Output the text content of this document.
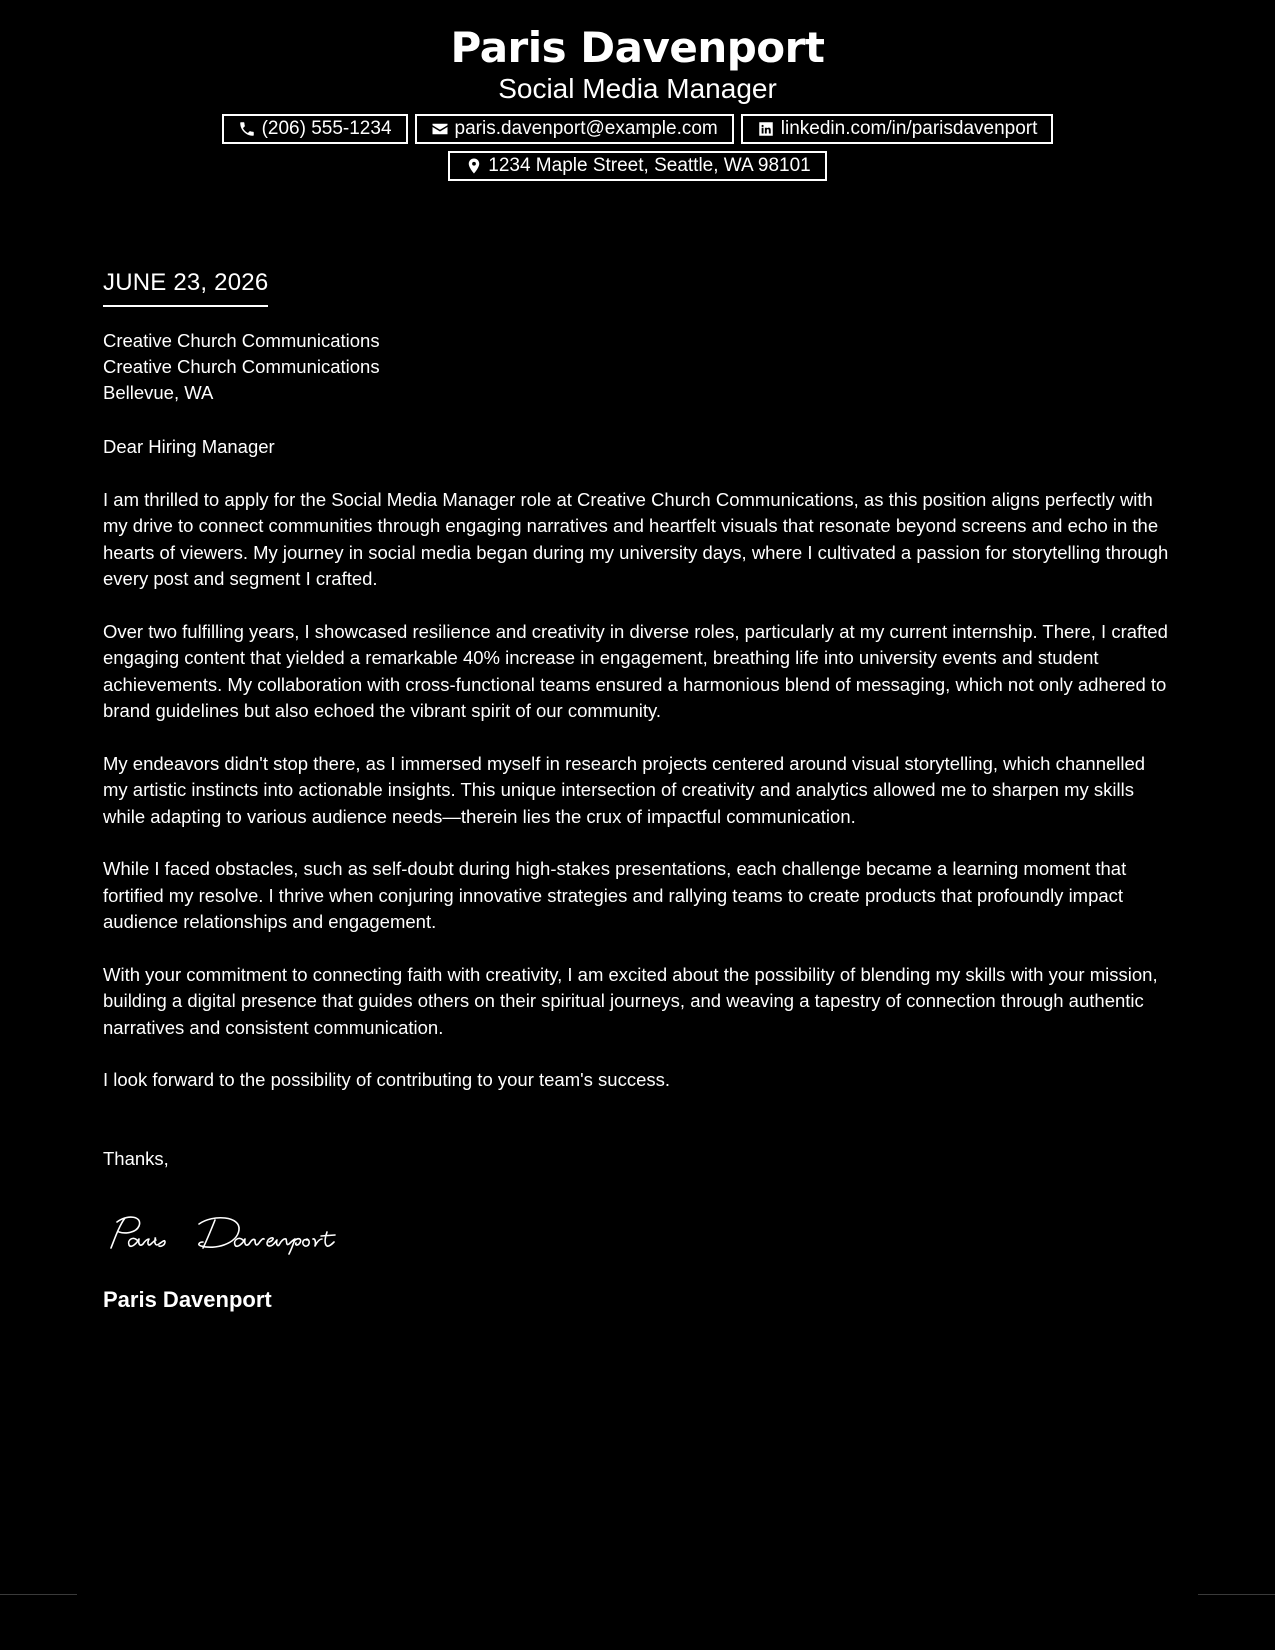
Paris Davenport
Social Media Manager
(206) 555-1234	paris.davenport@example.com	linkedin.com/in/parisdavenport
1234 Maple Street, Seattle, WA 98101
JUNE 23, 2026
Creative Church Communications
Creative Church Communications
Bellevue, WA

Dear Hiring Manager

I am thrilled to apply for the Social Media Manager role at Creative Church Communications, as this position aligns perfectly with my drive to connect communities through engaging narratives and heartfelt visuals that resonate beyond screens and echo in the hearts of viewers. My journey in social media began during my university days, where I cultivated a passion for storytelling through every post and segment I crafted.

Over two fulfilling years, I showcased resilience and creativity in diverse roles, particularly at my current internship. There, I crafted engaging content that yielded a remarkable 40% increase in engagement, breathing life into university events and student achievements. My collaboration with cross-functional teams ensured a harmonious blend of messaging, which not only adhered to brand guidelines but also echoed the vibrant spirit of our community.

My endeavors didn't stop there, as I immersed myself in research projects centered around visual storytelling, which channelled my artistic instincts into actionable insights. This unique intersection of creativity and analytics allowed me to sharpen my skills while adapting to various audience needs—therein lies the crux of impactful communication.

While I faced obstacles, such as self-doubt during high-stakes presentations, each challenge became a learning moment that fortified my resolve. I thrive when conjuring innovative strategies and rallying teams to create products that profoundly impact audience relationships and engagement.

With your commitment to connecting faith with creativity, I am excited about the possibility of blending my skills with your mission, building a digital presence that guides others on their spiritual journeys, and weaving a tapestry of connection through authentic narratives and consistent communication.

I look forward to the possibility of contributing to your team's success.

Thanks,

Paris Davenport
